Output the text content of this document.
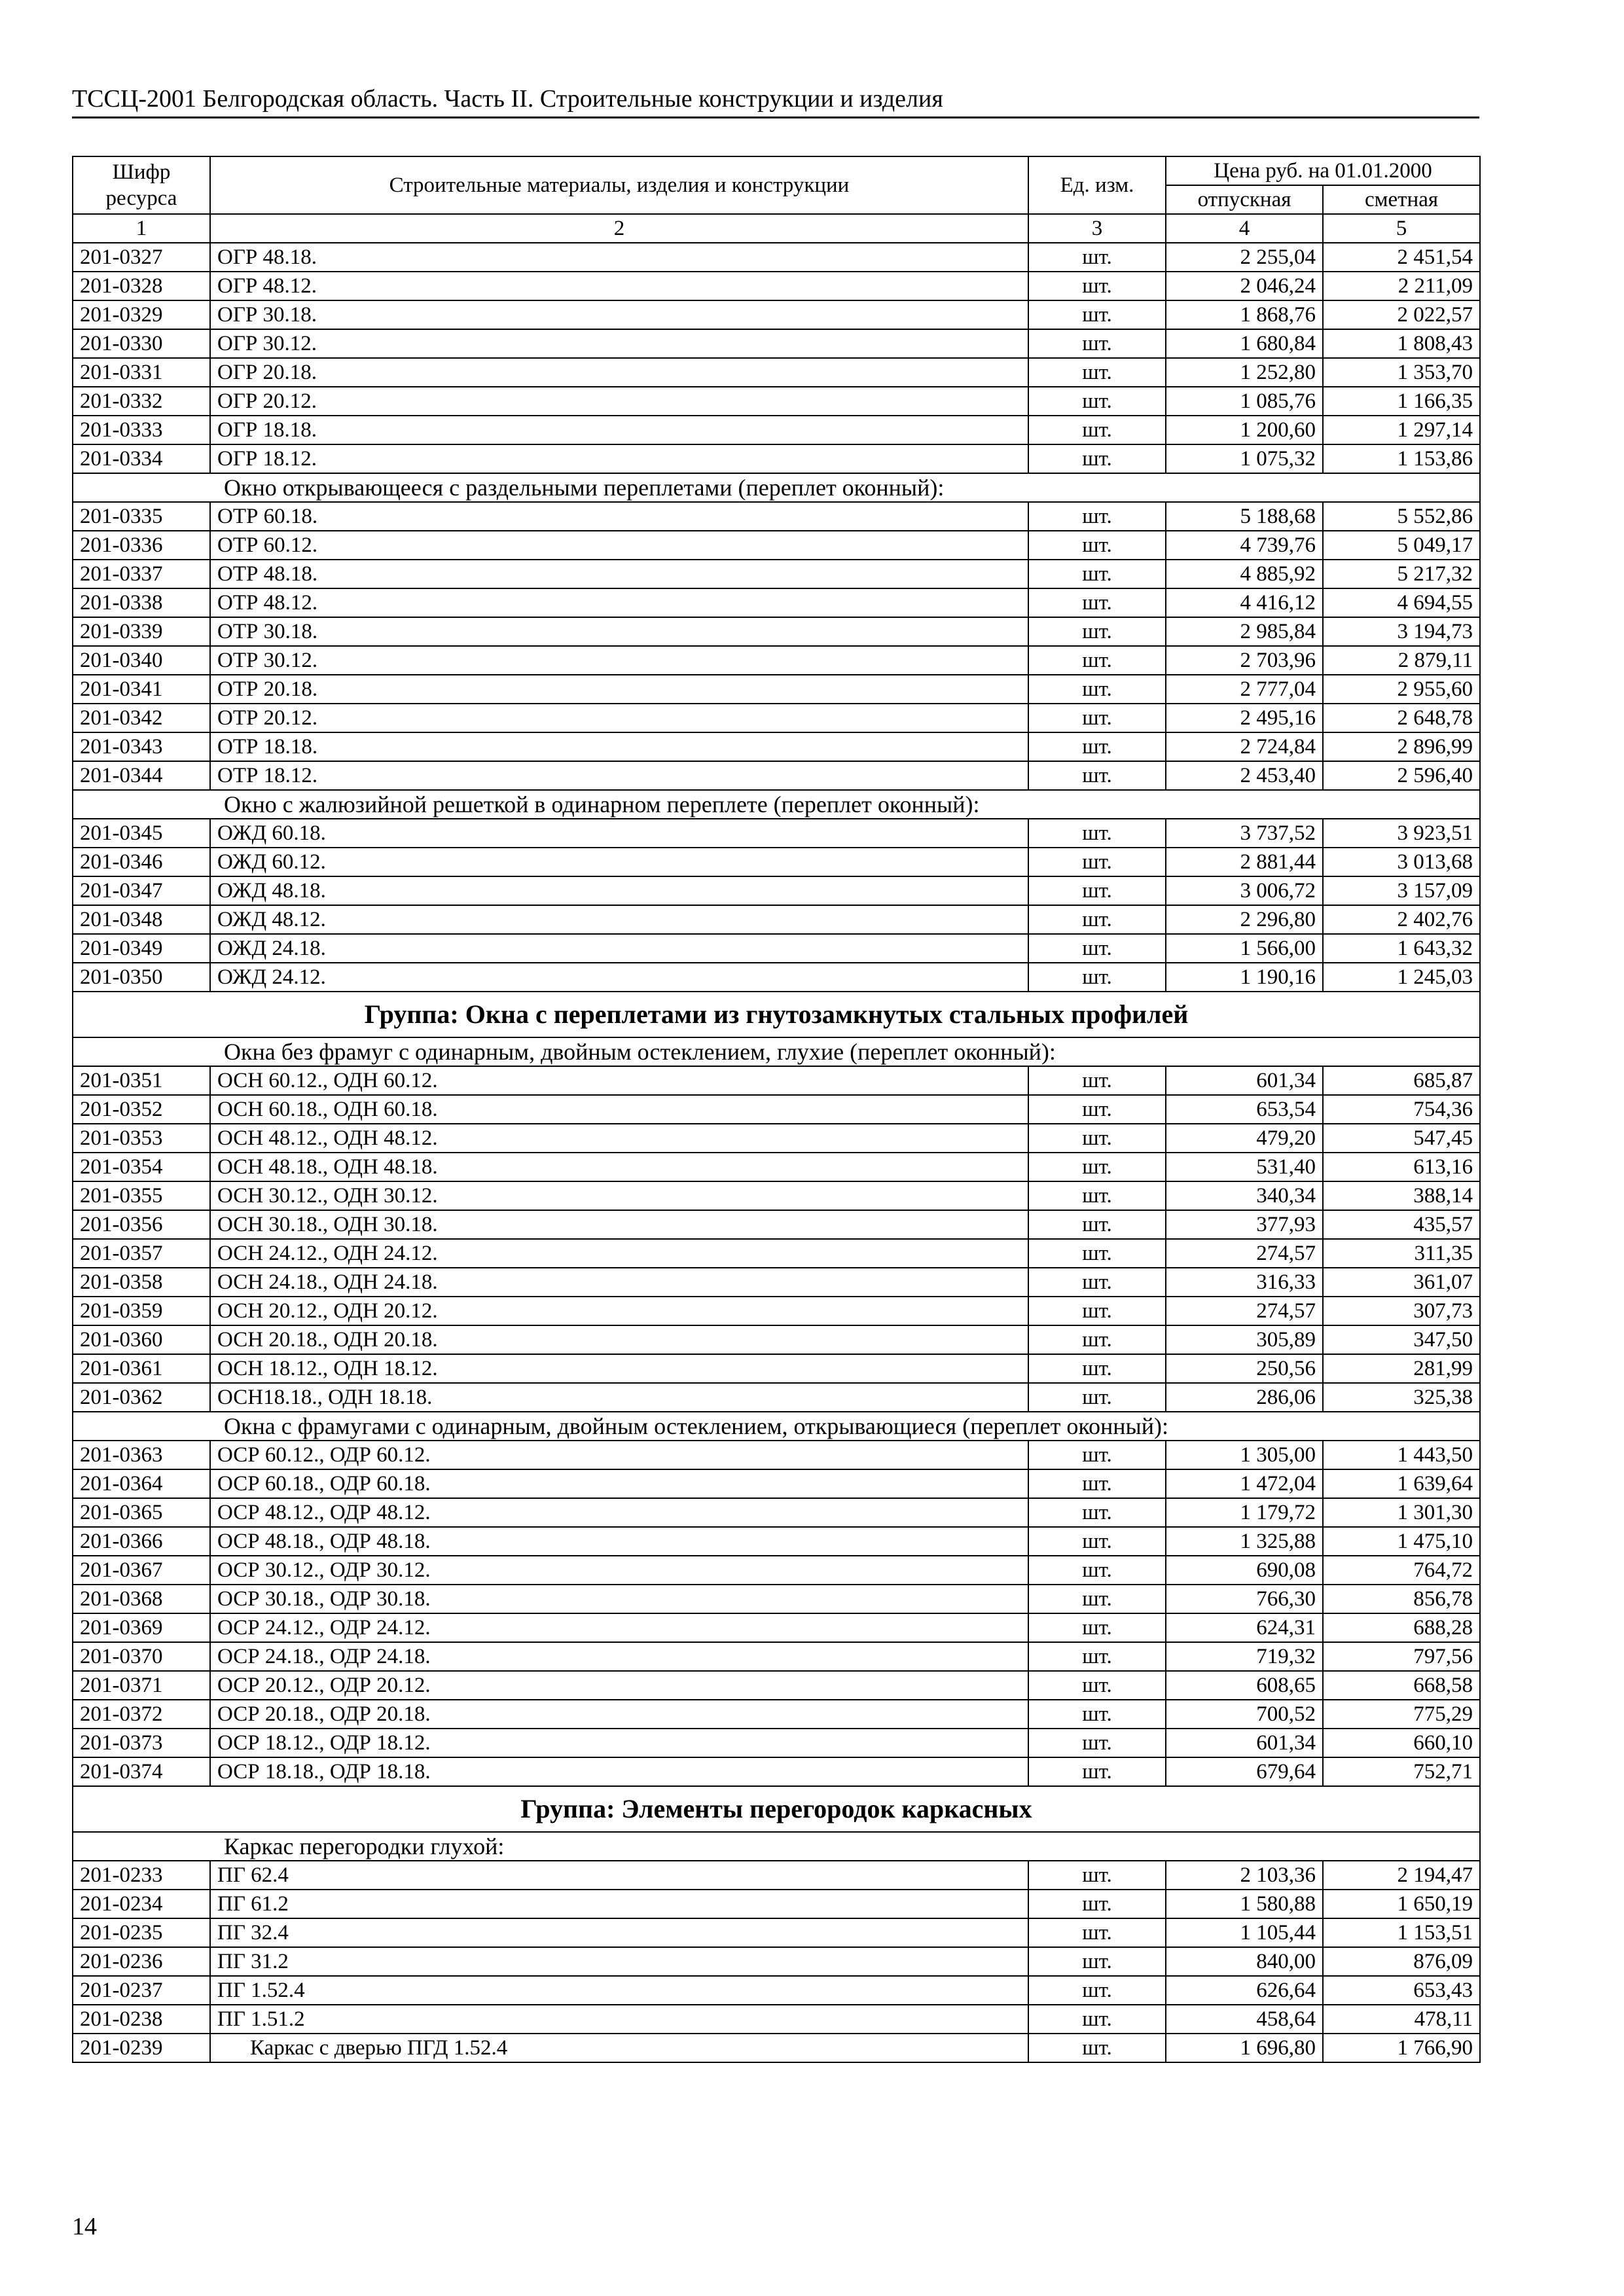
ТССЦ-2001 Белгородская область. Часть II. Строительные конструкции и изделия
Шифр ресурса	Строительные материалы, изделия и конструкции	Ед. изм.	Цена руб. на 01.01.2000	
			отпускная	сметная
1	2	3	4	5
201-0327	ОГР 48.18.	шт.	2 255,04	2 451,54
201-0328	ОГР 48.12.	шт.	2 046,24	2 211,09
201-0329	ОГР 30.18.	шт.	1 868,76	2 022,57
201-0330	ОГР 30.12.	шт.	1 680,84	1 808,43
201-0331	ОГР 20.18.	шт.	1 252,80	1 353,70
201-0332	ОГР 20.12.	шт.	1 085,76	1 166,35
201-0333	ОГР 18.18.	шт.	1 200,60	1 297,14
201-0334	ОГР 18.12.	шт.	1 075,32	1 153,86
Окно открывающееся с раздельными переплетами (переплет оконный):				
201-0335	ОТР 60.18.	шт.	5 188,68	5 552,86
201-0336	ОТР 60.12.	шт.	4 739,76	5 049,17
201-0337	ОТР 48.18.	шт.	4 885,92	5 217,32
201-0338	ОТР 48.12.	шт.	4 416,12	4 694,55
201-0339	ОТР 30.18.	шт.	2 985,84	3 194,73
201-0340	ОТР 30.12.	шт.	2 703,96	2 879,11
201-0341	ОТР 20.18.	шт.	2 777,04	2 955,60
201-0342	ОТР 20.12.	шт.	2 495,16	2 648,78
201-0343	ОТР 18.18.	шт.	2 724,84	2 896,99
201-0344	ОТР 18.12.	шт.	2 453,40	2 596,40
Окно с жалюзийной решеткой в одинарном переплете (переплет оконный):				
201-0345	ОЖД 60.18.	шт.	3 737,52	3 923,51
201-0346	ОЖД 60.12.	шт.	2 881,44	3 013,68
201-0347	ОЖД 48.18.	шт.	3 006,72	3 157,09
201-0348	ОЖД 48.12.	шт.	2 296,80	2 402,76
201-0349	ОЖД 24.18.	шт.	1 566,00	1 643,32
201-0350	ОЖД 24.12.	шт.	1 190,16	1 245,03
Группа: Окна с переплетами из гнутозамкнутых стальных профилей				
Окна без фрамуг с одинарным, двойным остеклением, глухие (переплет оконный):				
201-0351	ОСН 60.12., ОДН 60.12.	шт.	601,34	685,87
201-0352	ОСН 60.18., ОДН 60.18.	шт.	653,54	754,36
201-0353	ОСН 48.12., ОДН 48.12.	шт.	479,20	547,45
201-0354	ОСН 48.18., ОДН 48.18.	шт.	531,40	613,16
201-0355	ОСН 30.12., ОДН 30.12.	шт.	340,34	388,14
201-0356	ОСН 30.18., ОДН 30.18.	шт.	377,93	435,57
201-0357	ОСН 24.12., ОДН 24.12.	шт.	274,57	311,35
201-0358	ОСН 24.18., ОДН 24.18.	шт.	316,33	361,07
201-0359	ОСН 20.12., ОДН 20.12.	шт.	274,57	307,73
201-0360	ОСН 20.18., ОДН 20.18.	шт.	305,89	347,50
201-0361	ОСН 18.12., ОДН 18.12.	шт.	250,56	281,99
201-0362	ОСН18.18., ОДН 18.18.	шт.	286,06	325,38
Окна с фрамугами с одинарным, двойным остеклением, открывающиеся (переплет оконный):				
201-0363	ОСР 60.12., ОДР 60.12.	шт.	1 305,00	1 443,50
201-0364	ОСР 60.18., ОДР 60.18.	шт.	1 472,04	1 639,64
201-0365	ОСР 48.12., ОДР 48.12.	шт.	1 179,72	1 301,30
201-0366	ОСР 48.18., ОДР 48.18.	шт.	1 325,88	1 475,10
201-0367	ОСР 30.12., ОДР 30.12.	шт.	690,08	764,72
201-0368	ОСР 30.18., ОДР 30.18.	шт.	766,30	856,78
201-0369	ОСР 24.12., ОДР 24.12.	шт.	624,31	688,28
201-0370	ОСР 24.18., ОДР 24.18.	шт.	719,32	797,56
201-0371	ОСР 20.12., ОДР 20.12.	шт.	608,65	668,58
201-0372	ОСР 20.18., ОДР 20.18.	шт.	700,52	775,29
201-0373	ОСР 18.12., ОДР 18.12.	шт.	601,34	660,10
201-0374	ОСР 18.18., ОДР 18.18.	шт.	679,64	752,71
Группа: Элементы перегородок каркасных				
Каркас перегородки глухой:				
201-0233	ПГ 62.4	шт.	2 103,36	2 194,47
201-0234	ПГ 61.2	шт.	1 580,88	1 650,19
201-0235	ПГ 32.4	шт.	1 105,44	1 153,51
201-0236	ПГ 31.2	шт.	840,00	876,09
201-0237	ПГ 1.52.4	шт.	626,64	653,43
201-0238	ПГ 1.51.2	шт.	458,64	478,11
201-0239	Каркас с дверью ПГД 1.52.4	шт.	1 696,80	1 766,90
14
